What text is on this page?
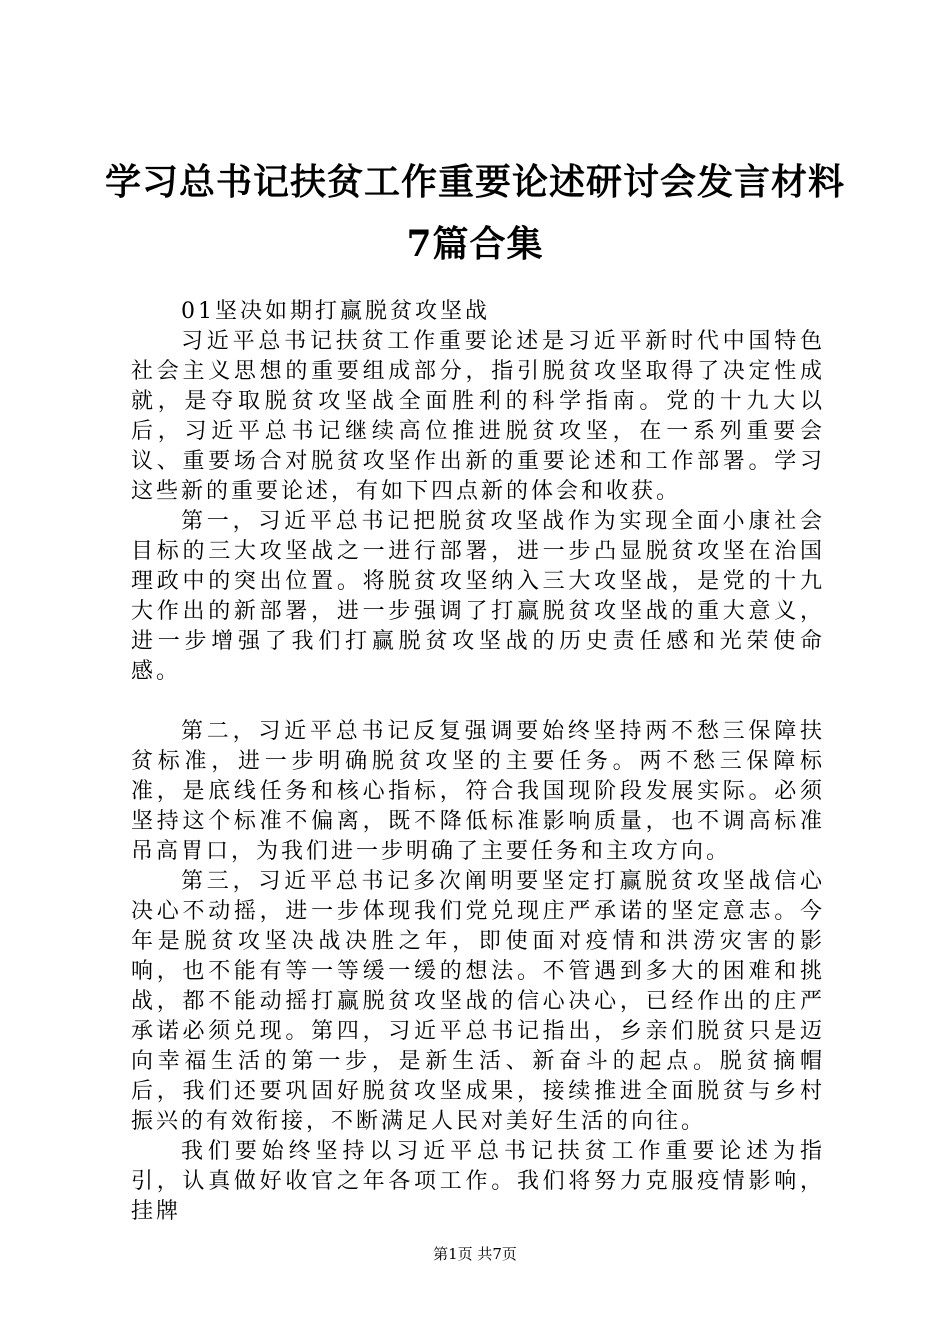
学习总书记扶贫工作重要论述研讨会发言材料
7篇合集

01坚决如期打赢脱贫攻坚战

习近平总书记扶贫工作重要论述是习近平新时代中国特色社会主义思想的重要组成部分，指引脱贫攻坚取得了决定性成就，是夺取脱贫攻坚战全面胜利的科学指南。党的十九大以后，习近平总书记继续高位推进脱贫攻坚，在一系列重要会议、重要场合对脱贫攻坚作出新的重要论述和工作部署。学习这些新的重要论述，有如下四点新的体会和收获。

第一，习近平总书记把脱贫攻坚战作为实现全面小康社会目标的三大攻坚战之一进行部署，进一步凸显脱贫攻坚在治国理政中的突出位置。将脱贫攻坚纳入三大攻坚战，是党的十九大作出的新部署，进一步强调了打赢脱贫攻坚战的重大意义，进一步增强了我们打赢脱贫攻坚战的历史责任感和光荣使命感。

第二，习近平总书记反复强调要始终坚持两不愁三保障扶贫标准，进一步明确脱贫攻坚的主要任务。两不愁三保障标准，是底线任务和核心指标，符合我国现阶段发展实际。必须坚持这个标准不偏离，既不降低标准影响质量，也不调高标准吊高胃口，为我们进一步明确了主要任务和主攻方向。

第三，习近平总书记多次阐明要坚定打赢脱贫攻坚战信心决心不动摇，进一步体现我们党兑现庄严承诺的坚定意志。今年是脱贫攻坚决战决胜之年，即使面对疫情和洪涝灾害的影响，也不能有等一等缓一缓的想法。不管遇到多大的困难和挑战，都不能动摇打赢脱贫攻坚战的信心决心，已经作出的庄严承诺必须兑现。第四，习近平总书记指出，乡亲们脱贫只是迈向幸福生活的第一步，是新生活、新奋斗的起点。脱贫摘帽后，我们还要巩固好脱贫攻坚成果，接续推进全面脱贫与乡村振兴的有效衔接，不断满足人民对美好生活的向往。

我们要始终坚持以习近平总书记扶贫工作重要论述为指引，认真做好收官之年各项工作。我们将努力克服疫情影响，挂牌

第1页 共7页
